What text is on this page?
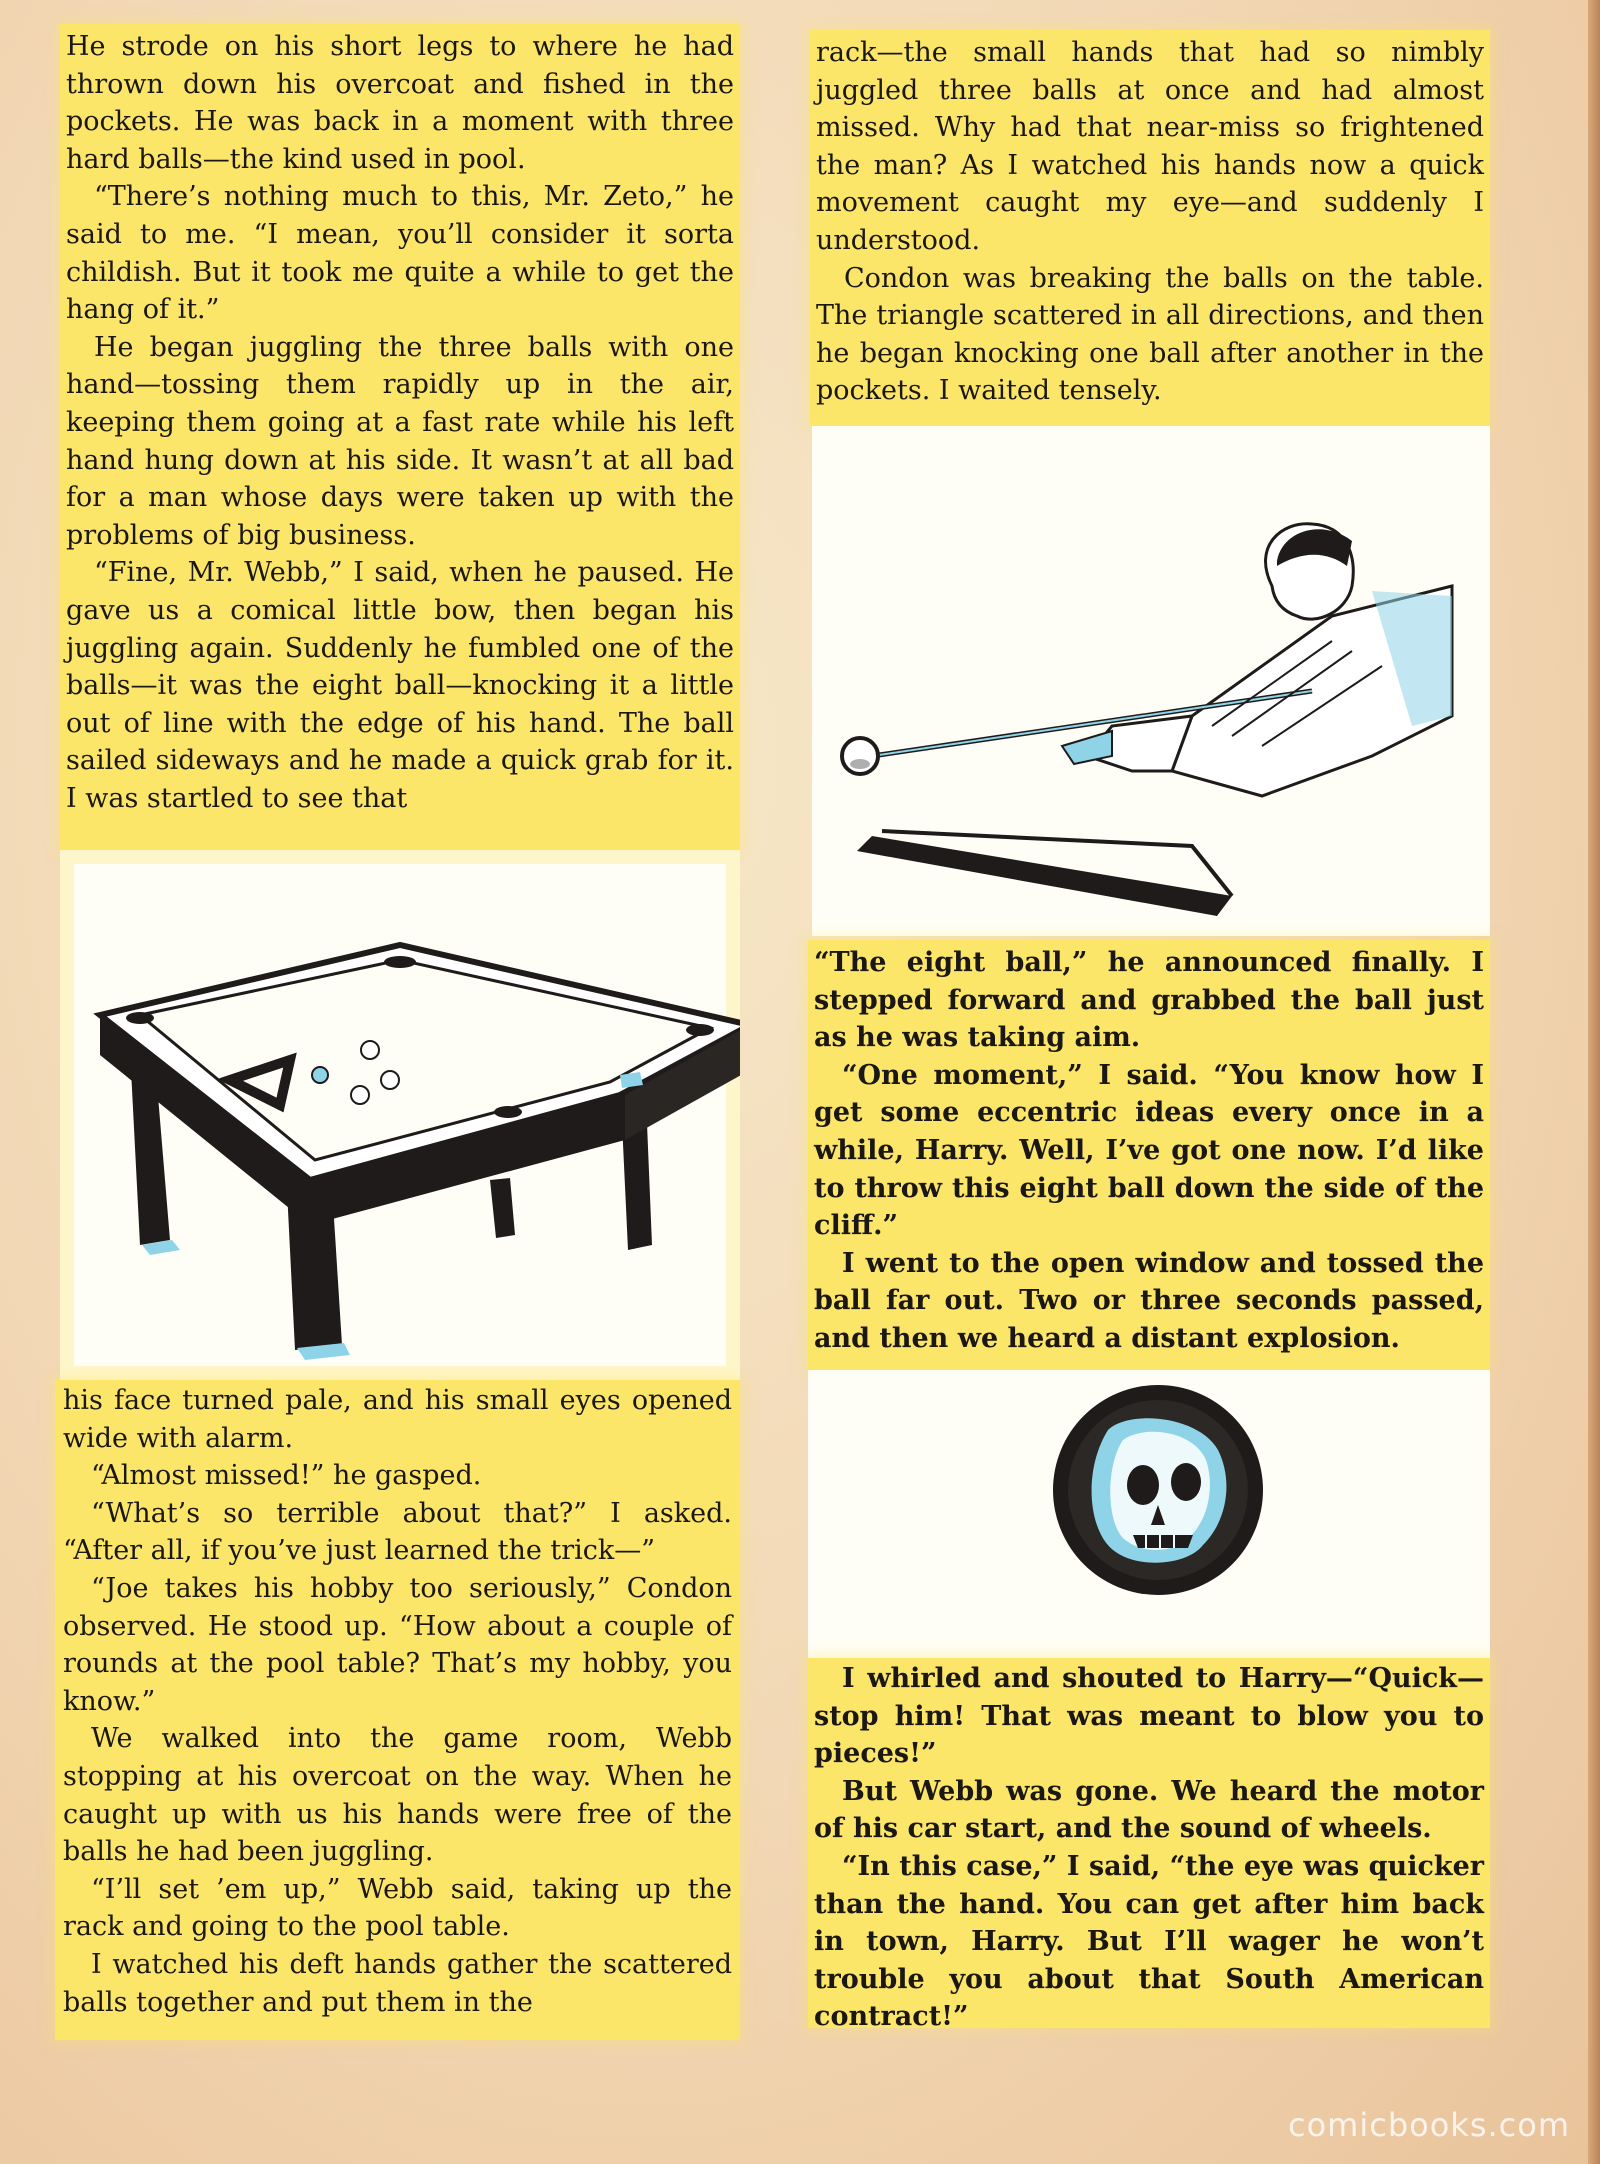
He strode on his short legs to where he had thrown down his overcoat and fished in the pockets. He was back in a moment with three hard balls—the kind used in pool.

“There’s nothing much to this, Mr. Zeto,” he said to me. “I mean, you’ll consider it sorta childish. But it took me quite a while to get the hang of it.”

He began juggling the three balls with one hand—tossing them rapidly up in the air, keeping them going at a fast rate while his left hand hung down at his side. It wasn’t at all bad for a man whose days were taken up with the problems of big business.

“Fine, Mr. Webb,” I said, when he paused. He gave us a comical little bow, then began his juggling again. Suddenly he fumbled one of the balls—it was the eight ball—knocking it a little out of line with the edge of his hand. The ball sailed sideways and he made a quick grab for it. I was startled to see that

his face turned pale, and his small eyes opened wide with alarm.

“Almost missed!” he gasped.

“What’s so terrible about that?” I asked. “After all, if you’ve just learned the trick—”

“Joe takes his hobby too seriously,” Condon observed. He stood up. “How about a couple of rounds at the pool table? That’s my hobby, you know.”

We walked into the game room, Webb stopping at his overcoat on the way. When he caught up with us his hands were free of the balls he had been juggling.

“I’ll set ’em up,” Webb said, taking up the rack and going to the pool table.

I watched his deft hands gather the scattered balls together and put them in the

rack—the small hands that had so nimbly juggled three balls at once and had almost missed. Why had that near-miss so frightened the man? As I watched his hands now a quick movement caught my eye—and suddenly I understood.

Condon was breaking the balls on the table. The triangle scattered in all directions, and then he began knocking one ball after another in the pockets. I waited tensely.

“The eight ball,” he announced finally. I stepped forward and grabbed the ball just as he was taking aim.

“One moment,” I said. “You know how I get some eccentric ideas every once in a while, Harry. Well, I’ve got one now. I’d like to throw this eight ball down the side of the cliff.”

I went to the open window and tossed the ball far out. Two or three seconds passed, and then we heard a distant explosion.

I whirled and shouted to Harry—“Quick—stop him! That was meant to blow you to pieces!”

But Webb was gone. We heard the motor of his car start, and the sound of wheels.

“In this case,” I said, “the eye was quicker than the hand. You can get after him back in town, Harry. But I’ll wager he won’t trouble you about that South American contract!”

comicbooks.com
